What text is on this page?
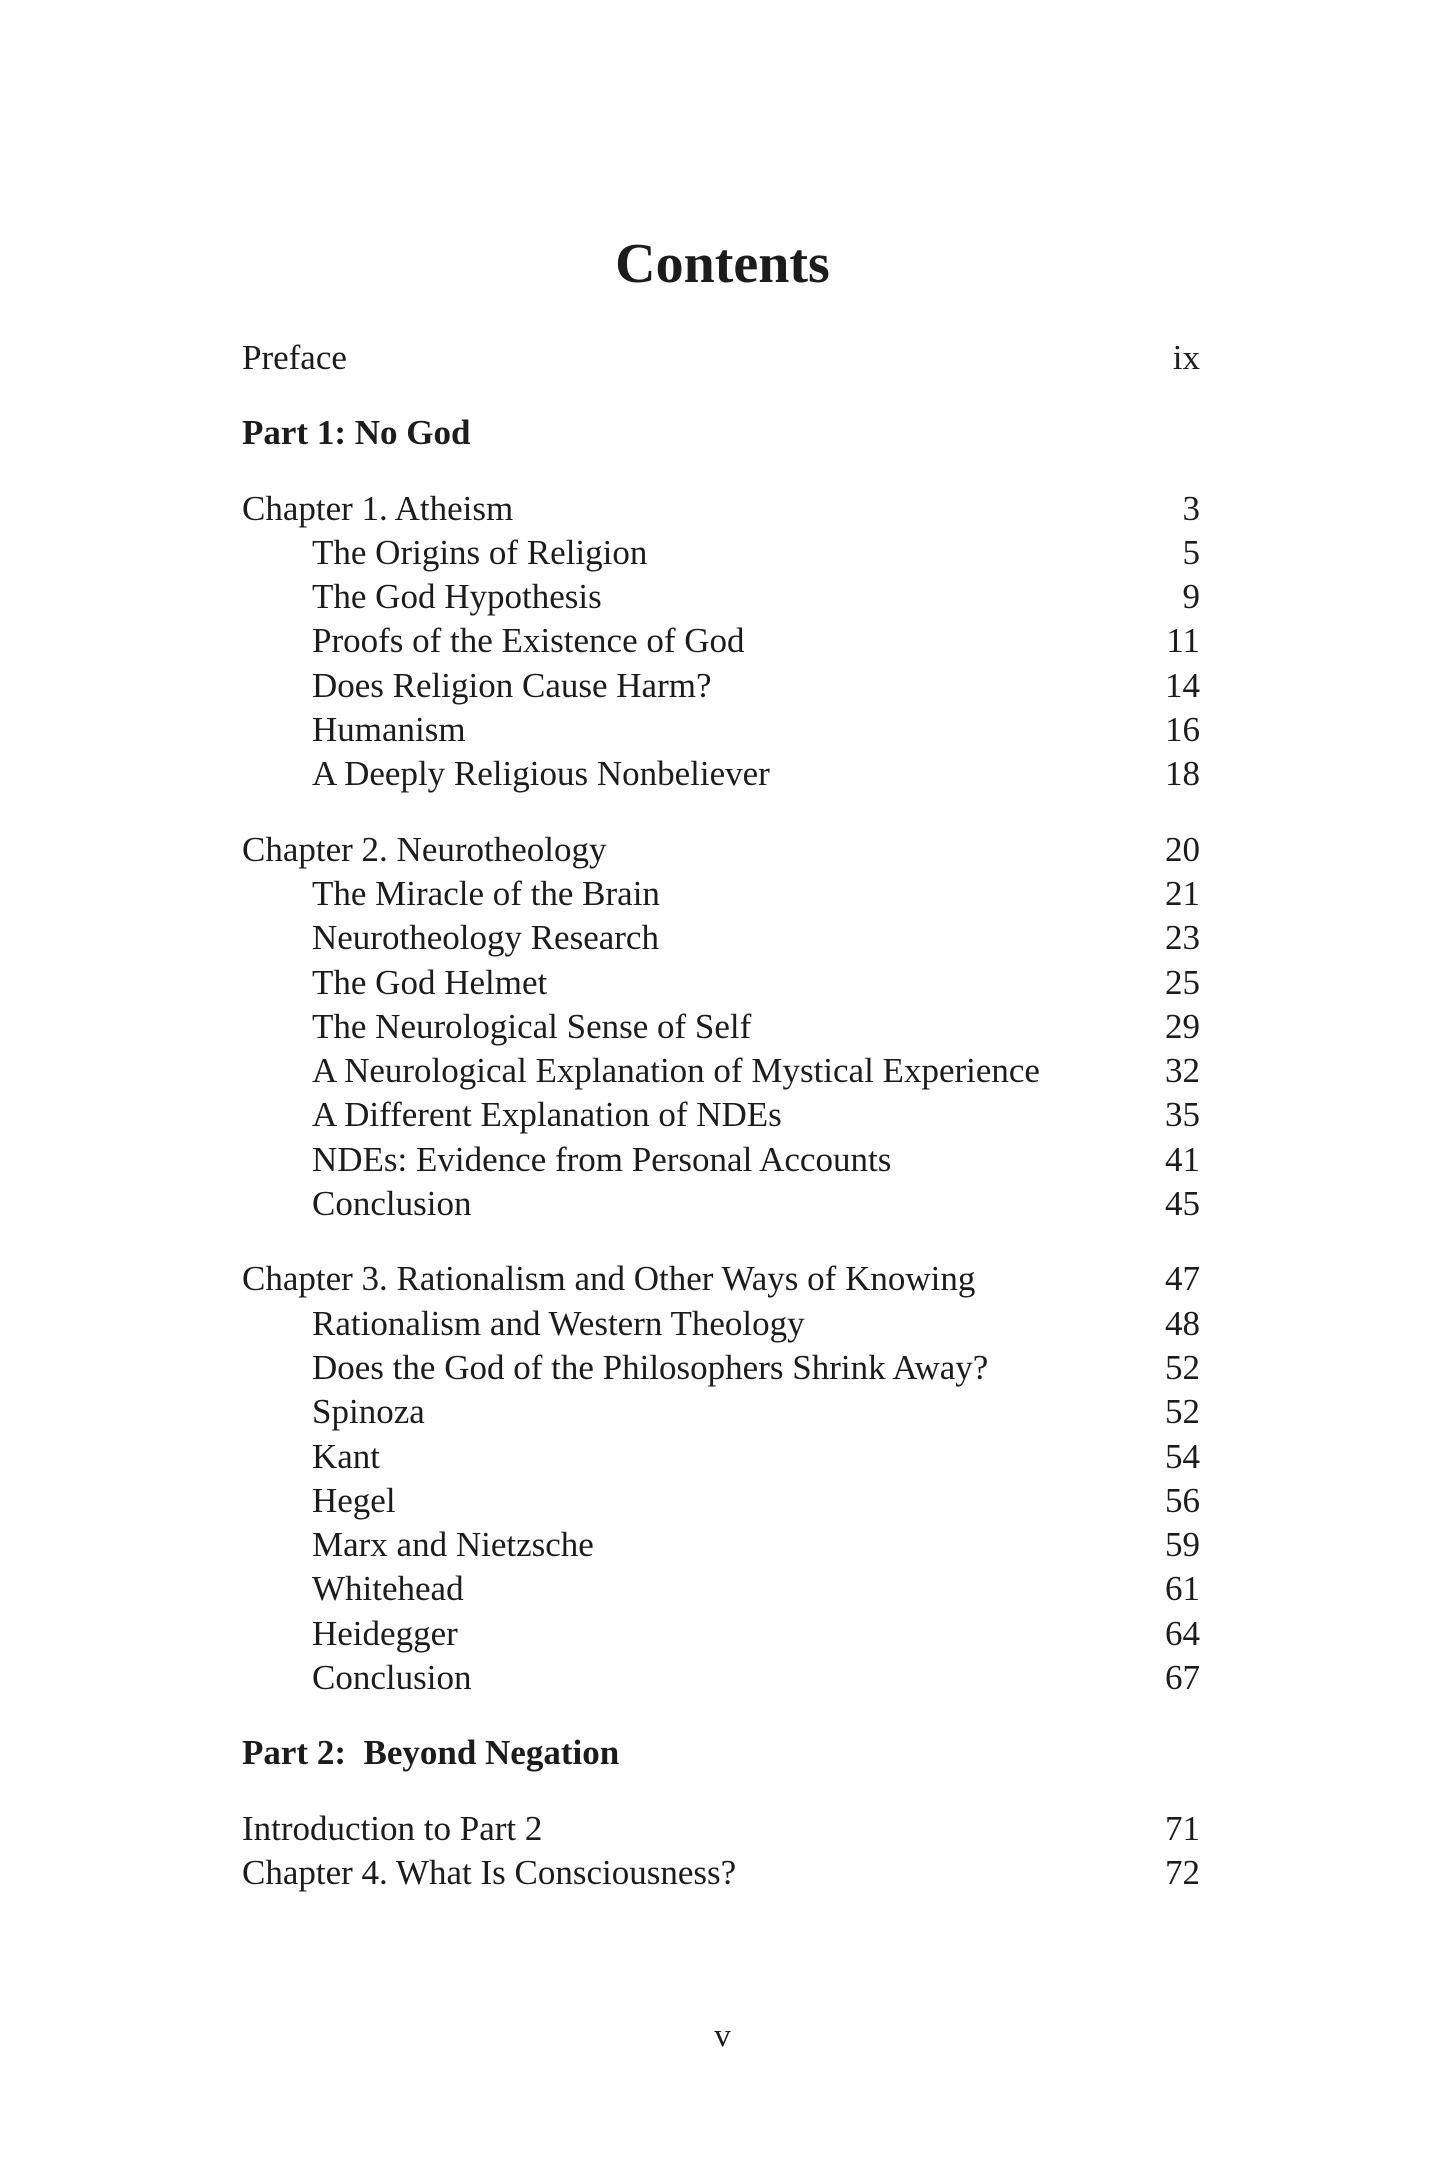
Contents
Preface	ix
Part 1: No God
Chapter 1. Atheism	3
The Origins of Religion	5
The God Hypothesis	9
Proofs of the Existence of God	11
Does Religion Cause Harm?	14
Humanism	16
A Deeply Religious Nonbeliever	18
Chapter 2. Neurotheology	20
The Miracle of the Brain	21
Neurotheology Research	23
The God Helmet	25
The Neurological Sense of Self	29
A Neurological Explanation of Mystical Experience	32
A Different Explanation of NDEs	35
NDEs: Evidence from Personal Accounts	41
Conclusion	45
Chapter 3. Rationalism and Other Ways of Knowing	47
Rationalism and Western Theology	48
Does the God of the Philosophers Shrink Away?	52
Spinoza	52
Kant	54
Hegel	56
Marx and Nietzsche	59
Whitehead	61
Heidegger	64
Conclusion	67
Part 2:  Beyond Negation
Introduction to Part 2	71
Chapter 4. What Is Consciousness?	72
v
